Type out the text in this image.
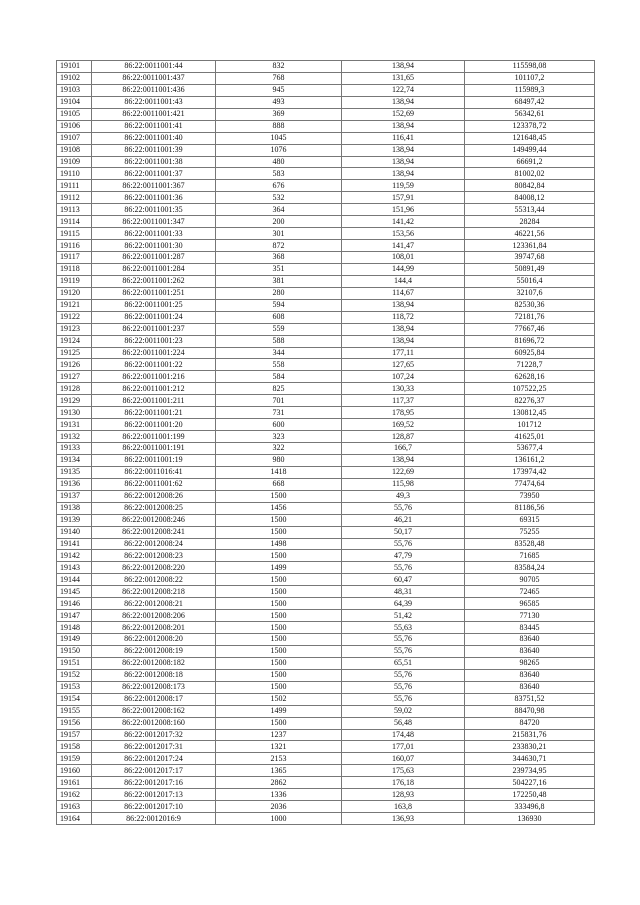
19101	86:22:0011001:44	832	138,94	115598,08
19102	86:22:0011001:437	768	131,65	101107,2
19103	86:22:0011001:436	945	122,74	115989,3
19104	86:22:0011001:43	493	138,94	68497,42
19105	86:22:0011001:421	369	152,69	56342,61
19106	86:22:0011001:41	888	138,94	123378,72
19107	86:22:0011001:40	1045	116,41	121648,45
19108	86:22:0011001:39	1076	138,94	149499,44
19109	86:22:0011001:38	480	138,94	66691,2
19110	86:22:0011001:37	583	138,94	81002,02
19111	86:22:0011001:367	676	119,59	80842,84
19112	86:22:0011001:36	532	157,91	84008,12
19113	86:22:0011001:35	364	151,96	55313,44
19114	86:22:0011001:347	200	141,42	28284
19115	86:22:0011001:33	301	153,56	46221,56
19116	86:22:0011001:30	872	141,47	123361,84
19117	86:22:0011001:287	368	108,01	39747,68
19118	86:22:0011001:284	351	144,99	50891,49
19119	86:22:0011001:262	381	144,4	55016,4
19120	86:22:0011001:251	280	114,67	32107,6
19121	86:22:0011001:25	594	138,94	82530,36
19122	86:22:0011001:24	608	118,72	72181,76
19123	86:22:0011001:237	559	138,94	77667,46
19124	86:22:0011001:23	588	138,94	81696,72
19125	86:22:0011001:224	344	177,11	60925,84
19126	86:22:0011001:22	558	127,65	71228,7
19127	86:22:0011001:216	584	107,24	62628,16
19128	86:22:0011001:212	825	130,33	107522,25
19129	86:22:0011001:211	701	117,37	82276,37
19130	86:22:0011001:21	731	178,95	130812,45
19131	86:22:0011001:20	600	169,52	101712
19132	86:22:0011001:199	323	128,87	41625,01
19133	86:22:0011001:191	322	166,7	53677,4
19134	86:22:0011001:19	980	138,94	136161,2
19135	86:22:0011016:41	1418	122,69	173974,42
19136	86:22:0011001:62	668	115,98	77474,64
19137	86:22:0012008:26	1500	49,3	73950
19138	86:22:0012008:25	1456	55,76	81186,56
19139	86:22:0012008:246	1500	46,21	69315
19140	86:22:0012008:241	1500	50,17	75255
19141	86:22:0012008:24	1498	55,76	83528,48
19142	86:22:0012008:23	1500	47,79	71685
19143	86:22:0012008:220	1499	55,76	83584,24
19144	86:22:0012008:22	1500	60,47	90705
19145	86:22:0012008:218	1500	48,31	72465
19146	86:22:0012008:21	1500	64,39	96585
19147	86:22:0012008:206	1500	51,42	77130
19148	86:22:0012008:201	1500	55,63	83445
19149	86:22:0012008:20	1500	55,76	83640
19150	86:22:0012008:19	1500	55,76	83640
19151	86:22:0012008:182	1500	65,51	98265
19152	86:22:0012008:18	1500	55,76	83640
19153	86:22:0012008:173	1500	55,76	83640
19154	86:22:0012008:17	1502	55,76	83751,52
19155	86:22:0012008:162	1499	59,02	88470,98
19156	86:22:0012008:160	1500	56,48	84720
19157	86:22:0012017:32	1237	174,48	215831,76
19158	86:22:0012017:31	1321	177,01	233830,21
19159	86:22:0012017:24	2153	160,07	344630,71
19160	86:22:0012017:17	1365	175,63	239734,95
19161	86:22:0012017:16	2862	176,18	504227,16
19162	86:22:0012017:13	1336	128,93	172250,48
19163	86:22:0012017:10	2036	163,8	333496,8
19164	86:22:0012016:9	1000	136,93	136930
